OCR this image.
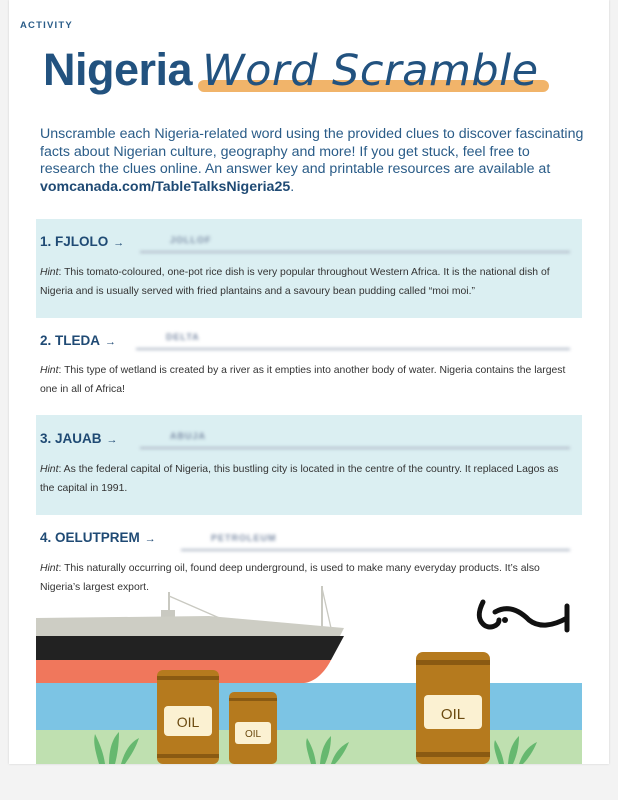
ACTIVITY
Nigeria Word Scramble
Unscramble each Nigeria-related word using the provided clues to discover fascinating facts about Nigerian culture, geography and more! If you get stuck, feel free to research the clues online. An answer key and printable resources are available at vomcanada.com/TableTalksNigeria25.
1. FJLOLO →	JOLLOF
Hint: This tomato-coloured, one-pot rice dish is very popular throughout Western Africa. It is the national dish of Nigeria and is usually served with fried plantains and a savoury bean pudding called “moi moi.”
2. TLEDA →	DELTA
Hint: This type of wetland is created by a river as it empties into another body of water. Nigeria contains the largest one in all of Africa!
3. JAUAB →	ABUJA
Hint: As the federal capital of Nigeria, this bustling city is located in the centre of the country. It replaced Lagos as the capital in 1991.
4. OELUTPREM →	PETROLEUM
Hint: This naturally occurring oil, found deep underground, is used to make many everyday products. It’s also Nigeria’s largest export.
OIL
OIL
OIL
